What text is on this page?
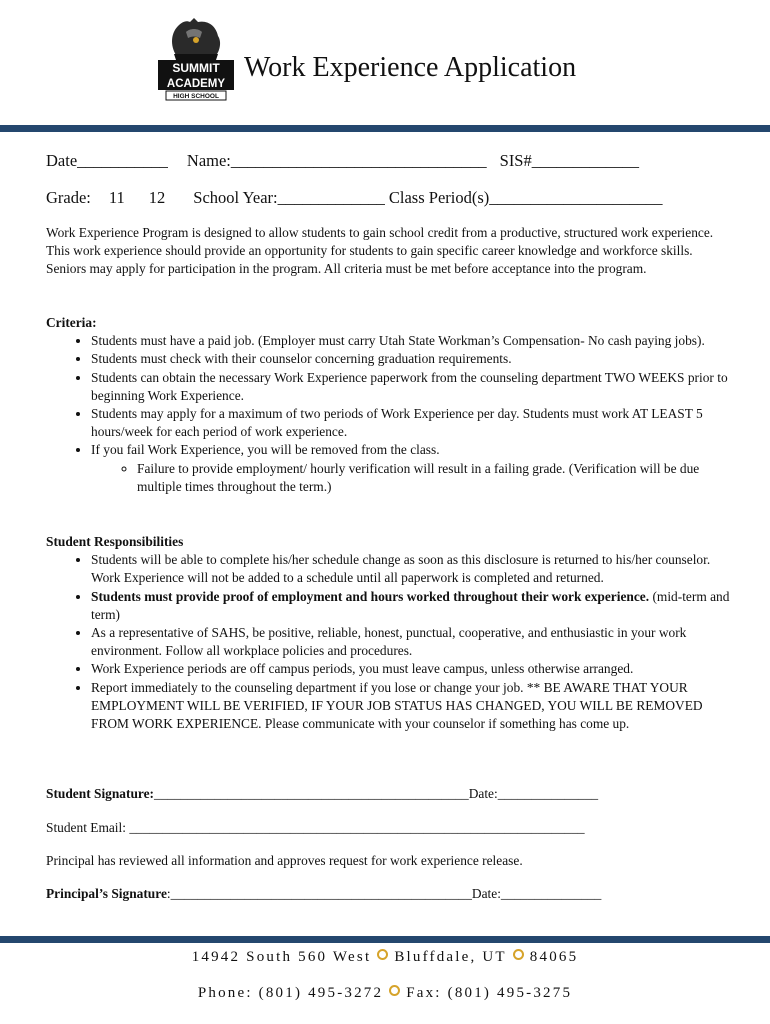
SUMMIT
ACADEMY
HIGH SCHOOL
Work Experience Application
Date___________ Name:_______________________________ SIS#_____________
Grade: 11 12 School Year:_____________ Class Period(s)_____________________

Work Experience Program is designed to allow students to gain school credit from a productive, structured work experience. This work experience should provide an opportunity for students to gain specific career knowledge and workforce skills. Seniors may apply for participation in the program. All criteria must be met before acceptance into the program.

Criteria:
• Students must have a paid job. (Employer must carry Utah State Workman’s Compensation- No cash paying jobs).
• Students must check with their counselor concerning graduation requirements.
• Students can obtain the necessary Work Experience paperwork from the counseling department TWO WEEKS prior to beginning Work Experience.
• Students may apply for a maximum of two periods of Work Experience per day. Students must work AT LEAST 5 hours/week for each period of work experience.
• If you fail Work Experience, you will be removed from the class.
◦ Failure to provide employment/ hourly verification will result in a failing grade. (Verification will be due multiple times throughout the term.)
Student Responsibilities
• Students will be able to complete his/her schedule change as soon as this disclosure is returned to his/her counselor. Work Experience will not be added to a schedule until all paperwork is completed and returned.
• Students must provide proof of employment and hours worked throughout their work experience. (mid-term and term)
• As a representative of SAHS, be positive, reliable, honest, punctual, cooperative, and enthusiastic in your work environment. Follow all workplace policies and procedures.
• Work Experience periods are off campus periods, you must leave campus, unless otherwise arranged.
• Report immediately to the counseling department if you lose or change your job. ** BE AWARE THAT YOUR EMPLOYMENT WILL BE VERIFIED, IF YOUR JOB STATUS HAS CHANGED, YOU WILL BE REMOVED FROM WORK EXPERIENCE. Please communicate with your counselor if something has come up.
Student Signature:_______________________________________________Date:_______________
Student Email: ____________________________________________________________________
Principal has reviewed all information and approves request for work experience release.
Principal’s Signature:_____________________________________________Date:_______________
14942 South 560 West Bluffdale, UT 84065
Phone: (801) 495-3272 Fax: (801) 495-3275
